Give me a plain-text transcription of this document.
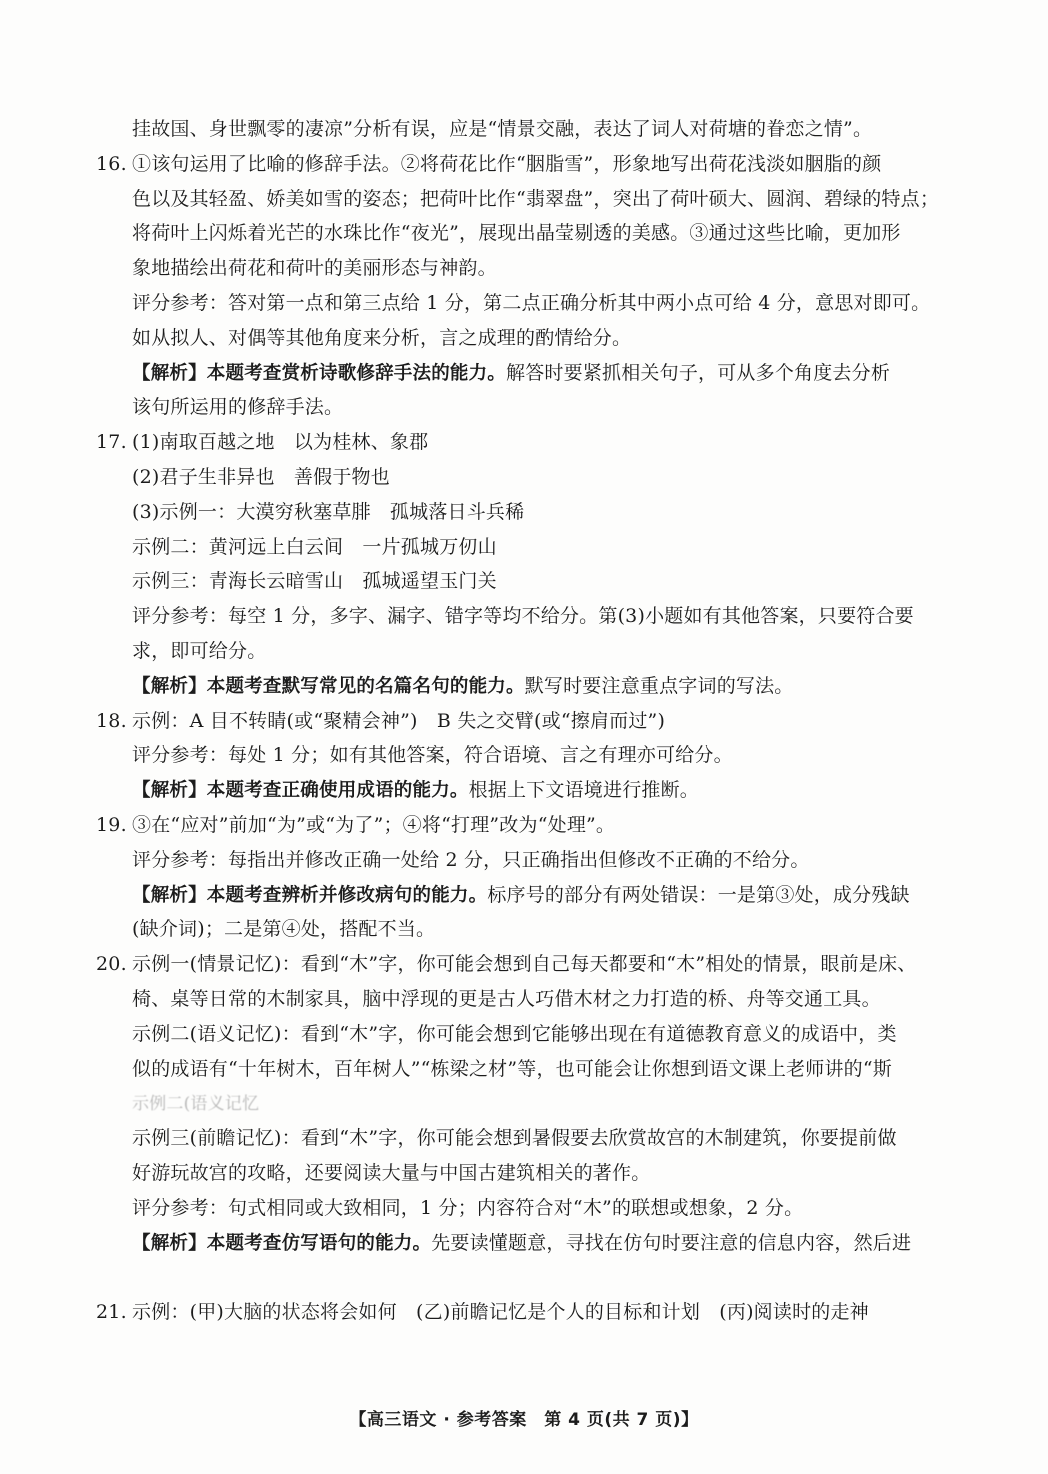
挂故国、身世飘零的凄凉”分析有误，应是“情景交融，表达了词人对荷塘的眷恋之情”。
16. ①该句运用了比喻的修辞手法。②将荷花比作“胭脂雪”，形象地写出荷花浅淡如胭脂的颜
色以及其轻盈、娇美如雪的姿态；把荷叶比作“翡翠盘”，突出了荷叶硕大、圆润、碧绿的特点；
将荷叶上闪烁着光芒的水珠比作“夜光”，展现出晶莹剔透的美感。③通过这些比喻，更加形
象地描绘出荷花和荷叶的美丽形态与神韵。
评分参考：答对第一点和第三点给 1 分，第二点正确分析其中两小点可给 4 分，意思对即可。
如从拟人、对偶等其他角度来分析，言之成理的酌情给分。
【解析】本题考查赏析诗歌修辞手法的能力。解答时要紧抓相关句子，可从多个角度去分析
该句所运用的修辞手法。
17. (1)南取百越之地　以为桂林、象郡
(2)君子生非异也　善假于物也
(3)示例一：大漠穷秋塞草腓　孤城落日斗兵稀
示例二：黄河远上白云间　一片孤城万仞山
示例三：青海长云暗雪山　孤城遥望玉门关
评分参考：每空 1 分，多字、漏字、错字等均不给分。第(3)小题如有其他答案，只要符合要
求，即可给分。
【解析】本题考查默写常见的名篇名句的能力。默写时要注意重点字词的写法。
18. 示例：A 目不转睛(或“聚精会神”)　B 失之交臂(或“擦肩而过”)
评分参考：每处 1 分；如有其他答案，符合语境、言之有理亦可给分。
【解析】本题考查正确使用成语的能力。根据上下文语境进行推断。
19. ③在“应对”前加“为”或“为了”；④将“打理”改为“处理”。
评分参考：每指出并修改正确一处给 2 分，只正确指出但修改不正确的不给分。
【解析】本题考查辨析并修改病句的能力。标序号的部分有两处错误：一是第③处，成分残缺
(缺介词)；二是第④处，搭配不当。
20. 示例一(情景记忆)：看到“木”字，你可能会想到自己每天都要和“木”相处的情景，眼前是床、
椅、桌等日常的木制家具，脑中浮现的更是古人巧借木材之力打造的桥、舟等交通工具。
示例二(语义记忆)：看到“木”字，你可能会想到它能够出现在有道德教育意义的成语中，类
似的成语有“十年树木，百年树人”“栋梁之材”等，也可能会让你想到语文课上老师讲的“斯
示例二(语义记忆
示例三(前瞻记忆)：看到“木”字，你可能会想到暑假要去欣赏故宫的木制建筑，你要提前做
好游玩故宫的攻略，还要阅读大量与中国古建筑相关的著作。
评分参考：句式相同或大致相同，1 分；内容符合对“木”的联想或想象，2 分。
【解析】本题考查仿写语句的能力。先要读懂题意，寻找在仿句时要注意的信息内容，然后进
21. 示例：(甲)大脑的状态将会如何　(乙)前瞻记忆是个人的目标和计划　(丙)阅读时的走神
【高三语文 · 参考答案　第 4 页(共 7 页)】
